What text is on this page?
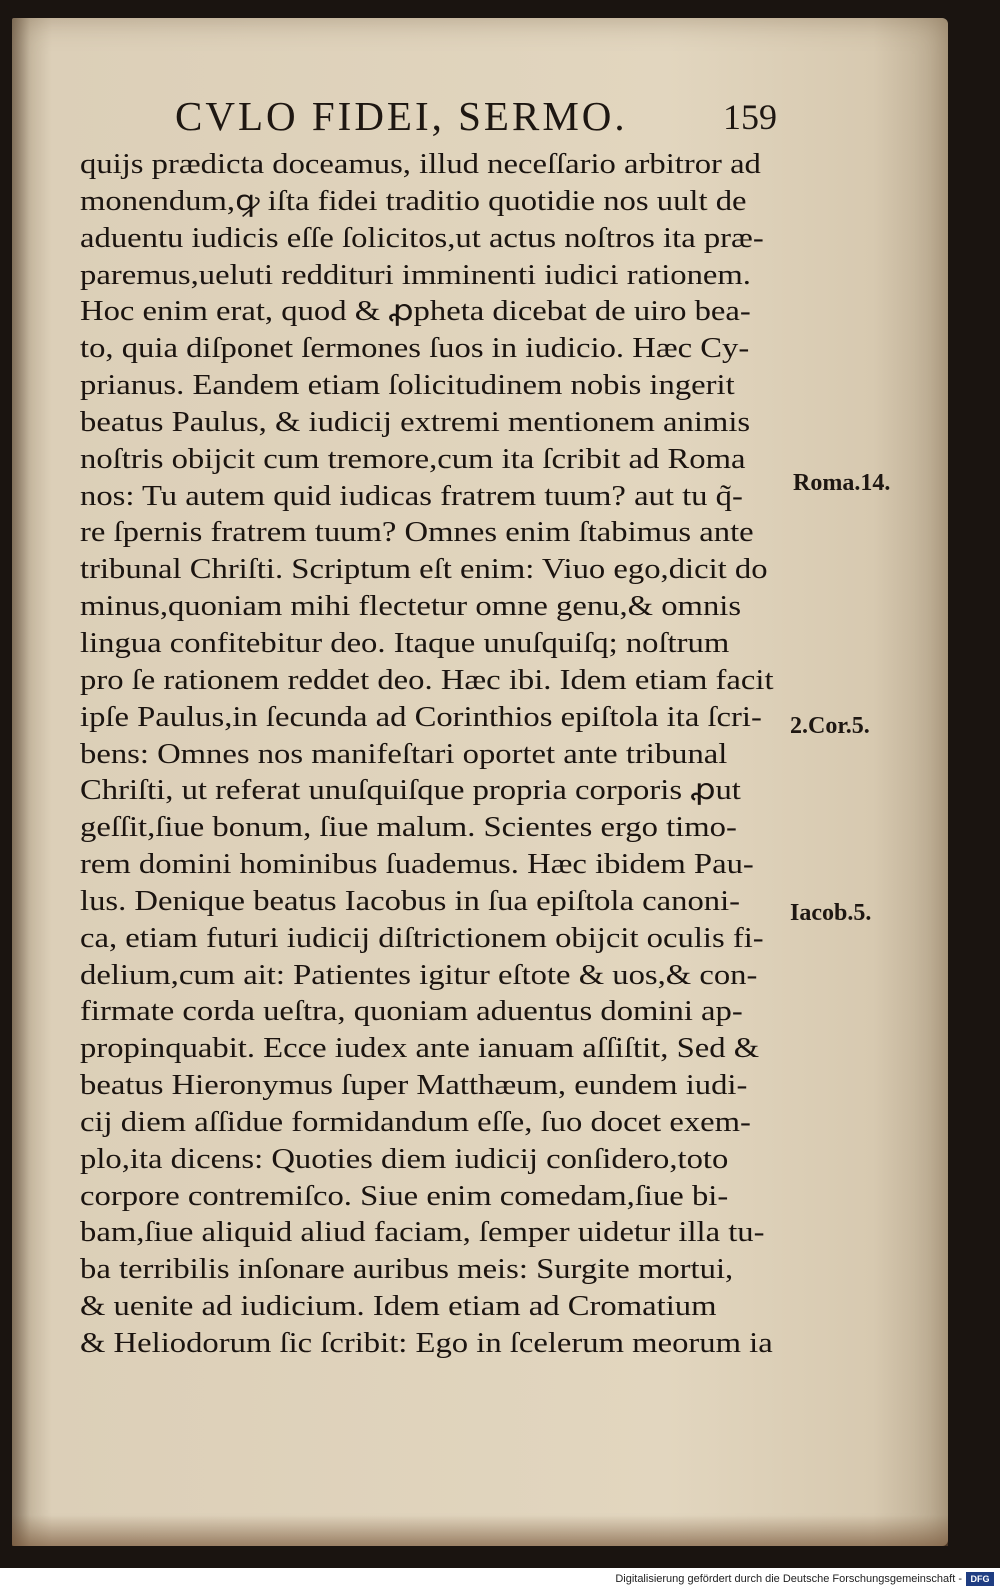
CVLO FIDEI, SERMO.	159
quijs prædicta doceamus, illud neceſſario arbitror ad
monendum,ꝙ iſta fidei traditio quotidie nos uult de
aduentu iudicis eſſe ſolicitos,ut actus noſtros ita præ-
paremus,ueluti reddituri imminenti iudici rationem.
Hoc enim erat, quod & ꝓpheta dicebat de uiro bea-
to, quia diſponet ſermones ſuos in iudicio. Hæc Cy-
prianus. Eandem etiam ſolicitudinem nobis ingerit
beatus Paulus, & iudicij extremi mentionem animis
noſtris obijcit cum tremore,cum ita ſcribit ad Roma
nos: Tu autem quid iudicas fratrem tuum? aut tu q̃-
re ſpernis fratrem tuum? Omnes enim ſtabimus ante
tribunal Chriſti. Scriptum eſt enim: Viuo ego,dicit do
minus,quoniam mihi flectetur omne genu,& omnis
lingua confitebitur deo. Itaque unuſquiſq; noſtrum
pro ſe rationem reddet deo. Hæc ibi. Idem etiam facit
ipſe Paulus,in ſecunda ad Corinthios epiſtola ita ſcri-
bens: Omnes nos manifeſtari oportet ante tribunal
Chriſti, ut referat unuſquiſque propria corporis ꝓut
geſſit,ſiue bonum, ſiue malum. Scientes ergo timo-
rem domini hominibus ſuademus. Hæc ibidem Pau-
lus. Denique beatus Iacobus in ſua epiſtola canoni-
ca, etiam futuri iudicij diſtrictionem obijcit oculis fi-
delium,cum ait: Patientes igitur eſtote & uos,& con-
firmate corda ueſtra, quoniam aduentus domini ap-
propinquabit. Ecce iudex ante ianuam aſſiſtit, Sed &
beatus Hieronymus ſuper Matthæum, eundem iudi-
cij diem aſſidue formidandum eſſe, ſuo docet exem-
plo,ita dicens: Quoties diem iudicij conſidero,toto
corpore contremiſco. Siue enim comedam,ſiue bi-
bam,ſiue aliquid aliud faciam, ſemper uidetur illa tu-
ba terribilis inſonare auribus meis: Surgite mortui,
& uenite ad iudicium. Idem etiam ad Cromatium
& Heliodorum ſic ſcribit: Ego in ſcelerum meorum ia
Roma.14.
2.Cor.5.
Iacob.5.
Digitalisierung gefördert durch die Deutsche Forschungsgemeinschaft - DFG
